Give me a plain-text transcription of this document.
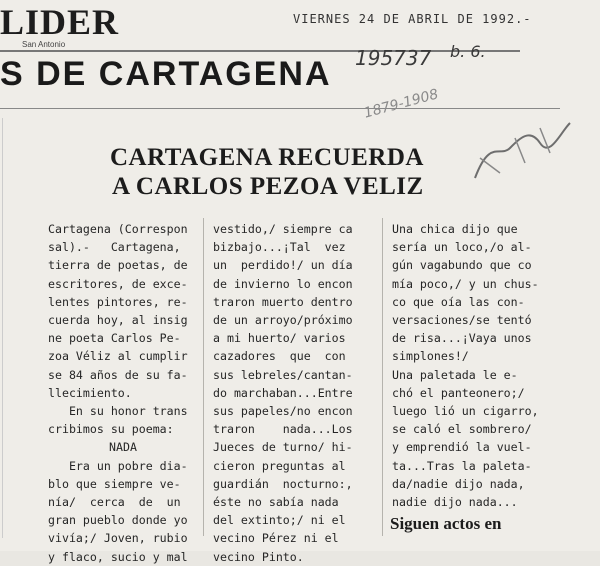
LIDER
San Antonio
VIERNES 24 DE ABRIL DE 1992.-
S DE CARTAGENA 195737 b. 6.
1879-1908
CARTAGENA RECUERDA
A CARLOS PEZOA VELIZ
Cartagena (Correspon
sal).-   Cartagena,
tierra de poetas, de
escritores, de exce-
lentes pintores, re-
cuerda hoy, al insig
ne poeta Carlos Pe-
zoa Véliz al cumplir
se 84 años de su fa-
llecimiento.
En su honor trans
cribimos su poema:
NADA
Era un pobre dia-
blo que siempre ve-
nía/  cerca  de  un
gran pueblo donde yo
vivía;/ Joven, rubio
y flaco, sucio y mal
vestido,/ siempre ca
bizbajo...¡Tal  vez
un  perdido!/ un día
de invierno lo encon
traron muerto dentro
de un arroyo/próximo
a mi huerto/ varios
cazadores  que  con
sus lebreles/cantan-
do marchaban...Entre
sus papeles/no encon
traron    nada...Los
Jueces de turno/ hi-
cieron preguntas al
guardián  nocturno:,
éste no sabía nada
del extinto;/ ni el
vecino Pérez ni el
vecino Pinto.
Una chica dijo que
sería un loco,/o al-
gún vagabundo que co
mía poco,/ y un chus-
co que oía las con-
versaciones/se tentó
de risa...¡Vaya unos
simplones!/
Una paletada le e-
chó el panteonero;/
luego lió un cigarro,
se caló el sombrero/
y emprendió la vuel-
ta...Tras la paleta-
da/nadie dijo nada,
nadie dijo nada...
Siguen actos en
